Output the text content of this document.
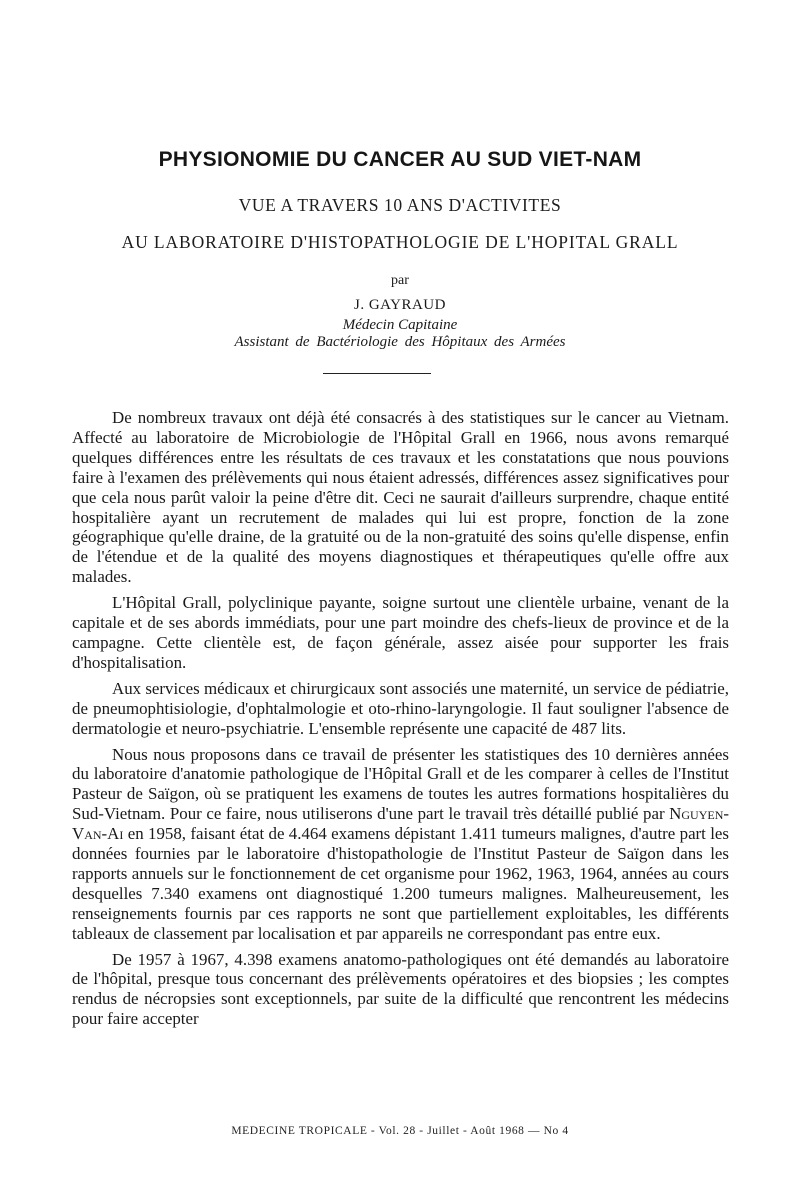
PHYSIONOMIE DU CANCER AU SUD VIET-NAM
VUE A TRAVERS 10 ANS D'ACTIVITES
AU LABORATOIRE D'HISTOPATHOLOGIE DE L'HOPITAL GRALL
par
J. GAYRAUD
Médecin Capitaine
Assistant de Bactériologie des Hôpitaux des Armées

De nombreux travaux ont déjà été consacrés à des statistiques sur le cancer au Vietnam. Affecté au laboratoire de Microbiologie de l'Hôpital Grall en 1966, nous avons remarqué quelques différences entre les résultats de ces travaux et les constatations que nous pouvions faire à l'examen des prélèvements qui nous étaient adressés, différences assez significatives pour que cela nous parût valoir la peine d'être dit. Ceci ne saurait d'ailleurs surprendre, chaque entité hospitalière ayant un recrutement de malades qui lui est propre, fonction de la zone géographique qu'elle draine, de la gratuité ou de la non-gratuité des soins qu'elle dispense, enfin de l'étendue et de la qualité des moyens diagnostiques et thérapeutiques qu'elle offre aux malades.

L'Hôpital Grall, polyclinique payante, soigne surtout une clientèle urbaine, venant de la capitale et de ses abords immédiats, pour une part moindre des chefs-lieux de province et de la campagne. Cette clientèle est, de façon générale, assez aisée pour supporter les frais d'hospitalisation.

Aux services médicaux et chirurgicaux sont associés une maternité, un service de pédiatrie, de pneumophtisiologie, d'ophtalmologie et oto-rhino-laryngologie. Il faut souligner l'absence de dermatologie et neuro-psychiatrie. L'ensemble représente une capacité de 487 lits.

Nous nous proposons dans ce travail de présenter les statistiques des 10 dernières années du laboratoire d'anatomie pathologique de l'Hôpital Grall et de les comparer à celles de l'Institut Pasteur de Saïgon, où se pratiquent les examens de toutes les autres formations hospitalières du Sud-Vietnam. Pour ce faire, nous utiliserons d'une part le travail très détaillé publié par Nguyen-Van-Ai en 1958, faisant état de 4.464 examens dépistant 1.411 tumeurs malignes, d'autre part les données fournies par le laboratoire d'histopathologie de l'Institut Pasteur de Saïgon dans les rapports annuels sur le fonctionnement de cet organisme pour 1962, 1963, 1964, années au cours desquelles 7.340 examens ont diagnostiqué 1.200 tumeurs malignes. Malheureusement, les renseignements fournis par ces rapports ne sont que partiellement exploitables, les différents tableaux de classement par localisation et par appareils ne correspondant pas entre eux.

De 1957 à 1967, 4.398 examens anatomo-pathologiques ont été demandés au laboratoire de l'hôpital, presque tous concernant des prélèvements opératoires et des biopsies ; les comptes rendus de nécropsies sont exceptionnels, par suite de la difficulté que rencontrent les médecins pour faire accepter

MEDECINE TROPICALE - Vol. 28 - Juillet - Août 1968 — No 4
